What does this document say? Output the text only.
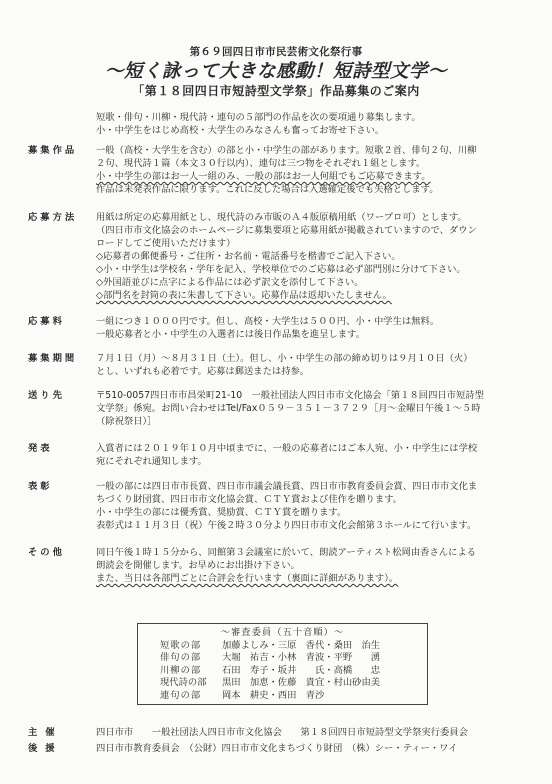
第６９回四日市市民芸術文化祭行事
～短く詠って大きな感動！短詩型文学～
「第１８回四日市短詩型文学祭」作品募集のご案内
短歌・俳句・川柳・現代詩・連句の５部門の作品を次の要項通り募集します。
小・中学生をはじめ高校・大学生のみなさんも奮ってお寄せ下さい。
募集作品	一般（高校・大学生を含む）の部と小・中学生の部があります。短歌２首、俳句２句、川柳
２句、現代詩１篇（本文３０行以内）、連句は三つ物をそれぞれ１組とします。
小・中学生の部はお一人一組のみ、一般の部はお一人何組でもご応募できます。
作品は未発表作品に限ります。これに反した場合は入選確定後でも失格とします。
応募方法	用紙は所定の応募用紙とし、現代詩のみ市販のＡ４版原稿用紙（ワープロ可）とします。
（四日市市文化協会のホームページに募集要項と応募用紙が掲載されていますので、ダウン
ロードしてご使用いただけます）
◇応募者の郵便番号・ご住所・お名前・電話番号を楷書でご記入下さい。
◇小・中学生は学校名・学年を記入、学校単位でのご応募は必ず部門別に分けて下さい。
◇外国語並びに点字による作品には必ず訳文を添付して下さい。
◇部門名を封筒の表に朱書して下さい。応募作品は返却いたしません。
応募料	一組につき１０００円です。但し、高校・大学生は５００円、小・中学生は無料。
一般応募者と小・中学生の入選者には後日作品集を進呈します。
募集期間	７月１日（月）～８月３１日（土）。但し、小・中学生の部の締め切りは９月１０日（火）
とし、いずれも必着です。応募は郵送または持参。
送り先	〒510-0057四日市市昌栄町21-10　一般社団法人四日市市文化協会「第１８回四日市短詩型
文学祭」係宛。お問い合わせはTel/Fax０５９－３５１－３７２９［月～金曜日午後１～５時
（除祝祭日）］
発表	入賞者には２０１９年１０月中頃までに、一般の応募者にはご本人宛、小・中学生には学校
宛にそれぞれ通知します。
表彰	一般の部には四日市市長賞、四日市市議会議長賞、四日市市教育委員会賞、四日市市文化ま
ちづくり財団賞、四日市市文化協会賞、ＣＴＹ賞および佳作を贈ります。
小・中学生の部には優秀賞、奨励賞、ＣＴＹ賞を贈ります。
表彰式は１１月３日（祝）午後２時３０分より四日市市文化会館第３ホールにて行います。
その他	同日午後１時１５分から、同館第３会議室に於いて、朗読アーティスト松岡由香さんによる
朗読会を開催します。お早めにお出掛け下さい。
また、当日は各部門ごとに合評会を行います（裏面に詳細があります）。
～審査委員（五十音順）～
短歌の部	加藤よしみ・三原　香代・桑田　治生
俳句の部	大堀　祐吉・小林　青波・平野　　湧
川柳の部	石田　寿子・坂井　　氏・高橋　　忠
現代詩の部	黒田　加恵・佐藤　貴宜・村山砂由美
連句の部	岡本　耕史・西田　青沙
主催	四日市市　　一般社団法人四日市市文化協会　　第１８回四日市短詩型文学祭実行委員会
後援	四日市市教育委員会　（公財）四日市市文化まちづくり財団　（株）シー・ティー・ワイ
